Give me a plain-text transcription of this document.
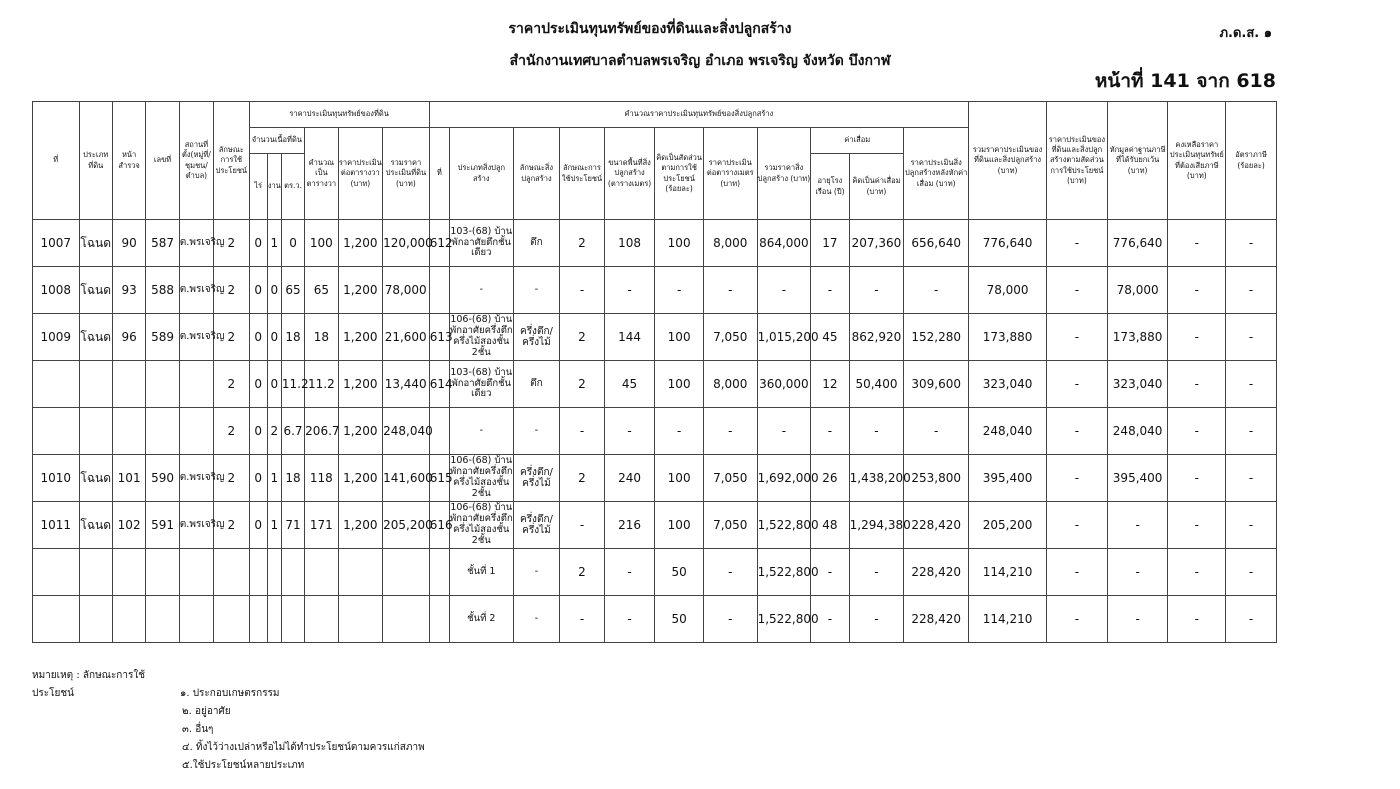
ราคาประเมินทุนทรัพย์ของที่ดินและสิ่งปลูกสร้าง
สำนักงานเทศบาลตำบลพรเจริญ อำเภอ พรเจริญ จังหวัด บึงกาฬ
ภ.ด.ส. ๑
หน้าที่ 141 จาก 618
ที่	ประเภทที่ดิน	หน้าสำรวจ	เลขที่	สถานที่ตั้ง(หมู่ที่/ชุมชน/ตำบล)	ลักษณะการใช้ประโยชน์	ราคาประเมินทุนทรัพย์ของที่ดิน						คำนวณราคาประเมินทุนทรัพย์ของสิ่งปลูกสร้าง											รวมราคาประเมินของที่ดินและสิ่งปลูกสร้าง (บาท)	ราคาประเมินของที่ดินและสิ่งปลูกสร้างตามสัดส่วนการใช้ประโยชน์ (บาท)	หักมูลค่าฐานภาษีที่ได้รับยกเว้น (บาท)	คงเหลือราคาประเมินทุนทรัพย์ที่ต้องเสียภาษี (บาท)	อัตราภาษี (ร้อยละ)
						จำนวนเนื้อที่ดิน			คำนวณเป็นตารางวา	ราคาประเมินต่อตารางวา (บาท)	รวมราคาประเมินที่ดิน (บาท)	ที่	ประเภทสิ่งปลูกสร้าง	ลักษณะสิ่งปลูกสร้าง	ลักษณะการใช้ประโยชน์	ขนาดพื้นที่สิ่งปลูกสร้าง (ตารางเมตร)	คิดเป็นสัดส่วนตามการใช้ประโยชน์ (ร้อยละ)	ราคาประเมินต่อตารางเมตร (บาท)	รวมราคาสิ่งปลูกสร้าง (บาท)	ค่าเสื่อม		ราคาประเมินสิ่งปลูกสร้างหลังหักค่าเสื่อม (บาท)					
						ไร่	งาน	ตร.ว.												อายุโรงเรือน (ปี)	คิดเป็นค่าเสื่อม (บาท)						
1007	โฉนด	90	587	ต.พรเจริญ	2	0	1	0	100	1,200	120,000	612	103-(68) บ้านพักอาศัยตึกชั้นเดียว	ตึก	2	108	100	8,000	864,000	17	207,360	656,640	776,640	-	776,640	-	-
1008	โฉนด	93	588	ต.พรเจริญ	2	0	0	65	65	1,200	78,000		-	-	-	-	-	-	-	-	-	-	78,000	-	78,000	-	-
1009	โฉนด	96	589	ต.พรเจริญ	2	0	0	18	18	1,200	21,600	613	106-(68) บ้านพักอาศัยครึ่งตึกครึ่งไม้สองชั้น 2ชั้น	ครึ่งตึก/ครึ่งไม้	2	144	100	7,050	1,015,200	45	862,920	152,280	173,880	-	173,880	-	-
					2	0	0	11.2	11.2	1,200	13,440	614	103-(68) บ้านพักอาศัยตึกชั้นเดียว	ตึก	2	45	100	8,000	360,000	12	50,400	309,600	323,040	-	323,040	-	-
					2	0	2	6.7	206.7	1,200	248,040		-	-	-	-	-	-	-	-	-	-	248,040	-	248,040	-	-
1010	โฉนด	101	590	ต.พรเจริญ	2	0	1	18	118	1,200	141,600	615	106-(68) บ้านพักอาศัยครึ่งตึกครึ่งไม้สองชั้น 2ชั้น	ครึ่งตึก/ครึ่งไม้	2	240	100	7,050	1,692,000	26	1,438,200	253,800	395,400	-	395,400	-	-
1011	โฉนด	102	591	ต.พรเจริญ	2	0	1	71	171	1,200	205,200	616	106-(68) บ้านพักอาศัยครึ่งตึกครึ่งไม้สองชั้น 2ชั้น	ครึ่งตึก/ครึ่งไม้	-	216	100	7,050	1,522,800	48	1,294,380	228,420	205,200	-	-	-	-
													ชั้นที่ 1	-	2	-	50	-	1,522,800	-	-	228,420	114,210	-	-	-	-
													ชั้นที่ 2	-	-	-	50	-	1,522,800	-	-	228,420	114,210	-	-	-	-
หมายเหตุ : ลักษณะการใช้ประโยชน์	๑. ประกอบเกษตรกรรม
๒. อยู่อาศัย
๓. อื่นๆ
๔. ทิ้งไว้ว่างเปล่าหรือไม่ได้ทำประโยชน์ตามควรแก่สภาพ
๕.ใช้ประโยชน์หลายประเภท
